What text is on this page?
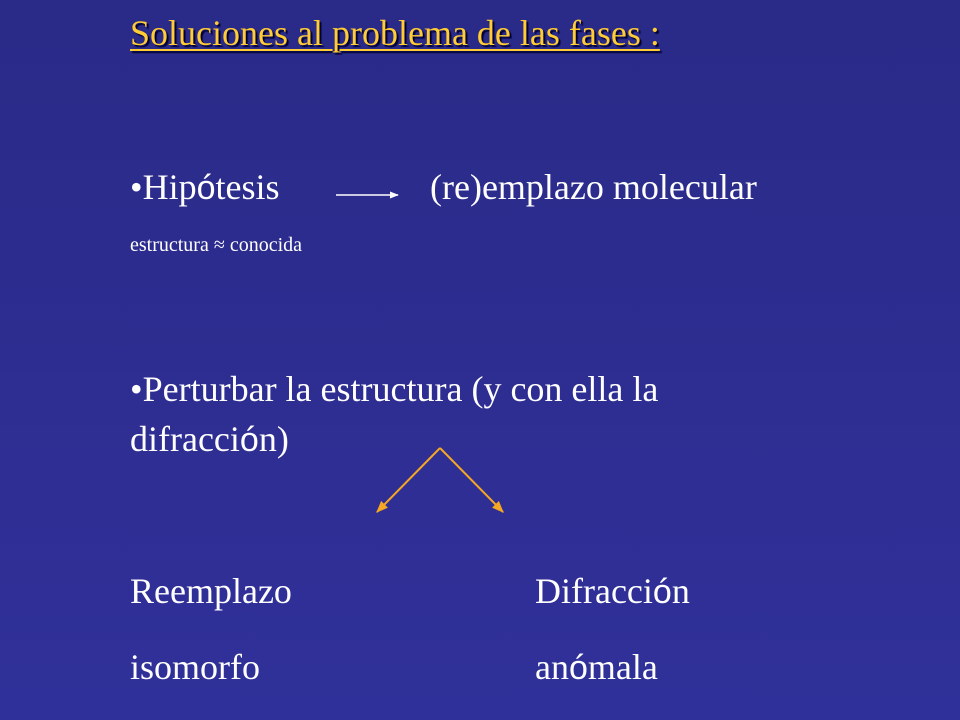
Soluciones al problema de las fases :
•Hipótesis	(re)emplazo molecular
estructura ≈ conocida
•Perturbar la estructura (y con ella la
difracción)
Reemplazo
isomorfo
Difracción
anómala
